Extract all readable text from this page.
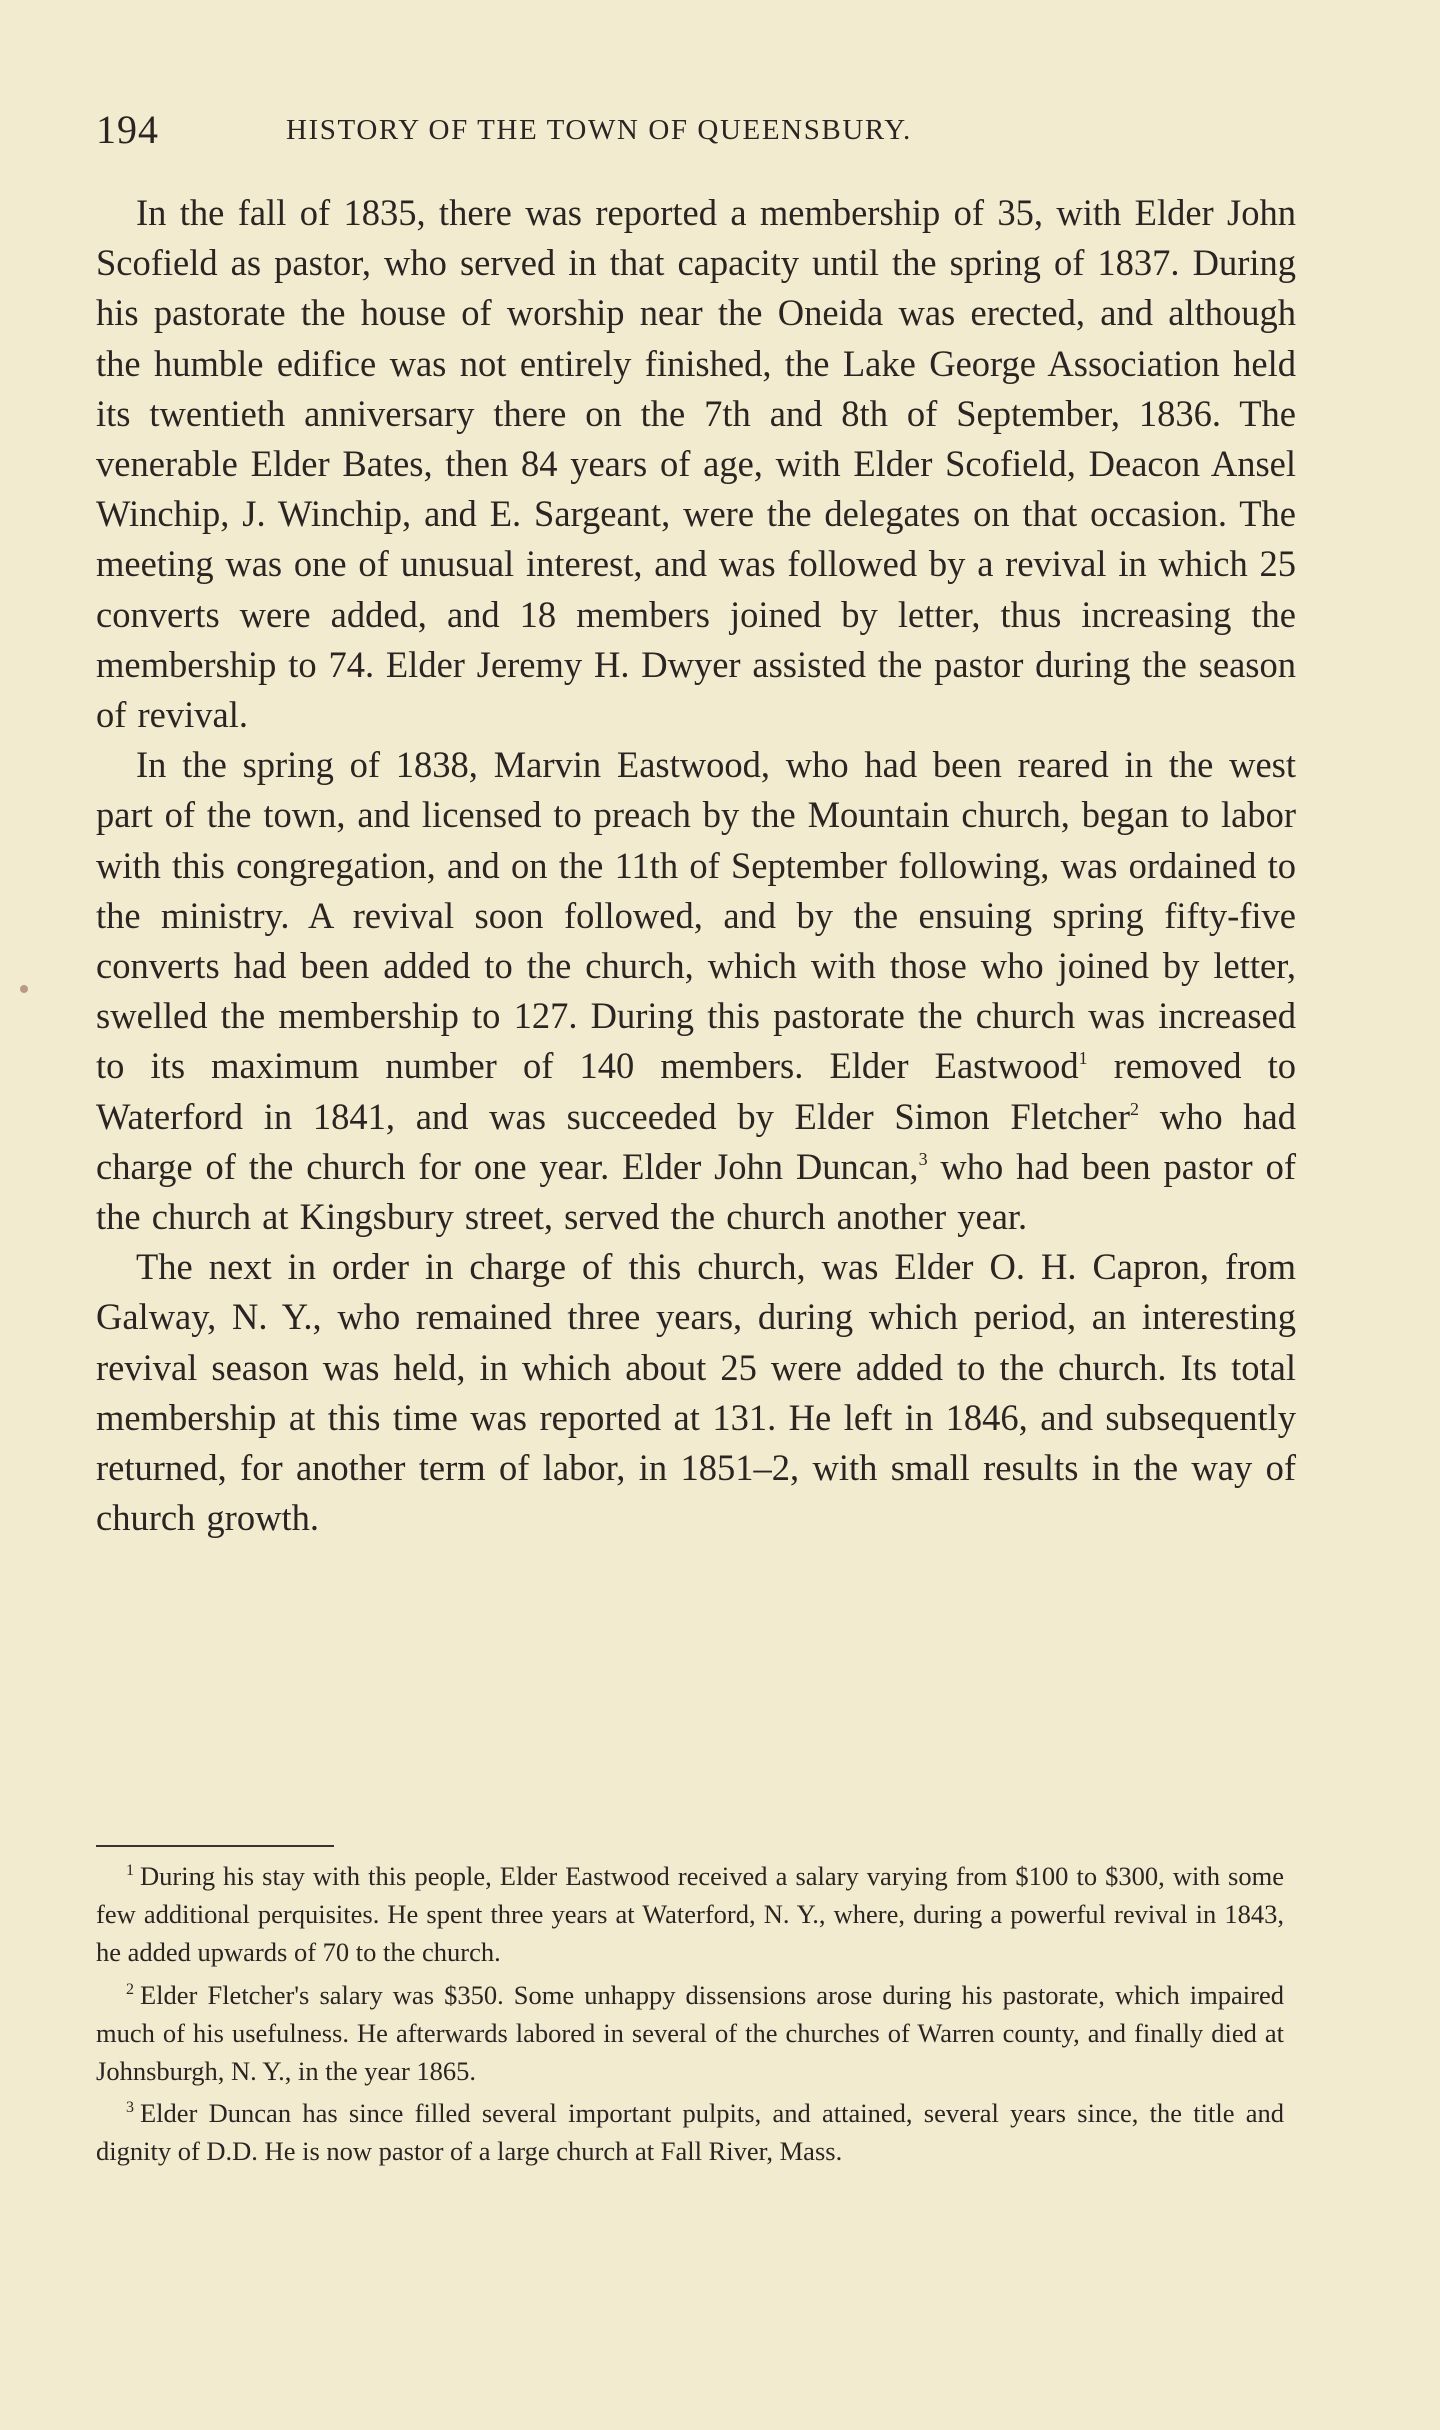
194	HISTORY OF THE TOWN OF QUEENSBURY.

In the fall of 1835, there was reported a membership of 35, with Elder John Scofield as pastor, who served in that capacity until the spring of 1837. During his pastorate the house of worship near the Oneida was erected, and although the humble edifice was not entirely finished, the Lake George Association held its twentieth anniversary there on the 7th and 8th of September, 1836. The venerable Elder Bates, then 84 years of age, with Elder Scofield, Deacon Ansel Winchip, J. Winchip, and E. Sargeant, were the delegates on that occasion. The meeting was one of unusual interest, and was followed by a revival in which 25 converts were added, and 18 members joined by letter, thus increasing the membership to 74. Elder Jeremy H. Dwyer assisted the pastor during the season of revival.

In the spring of 1838, Marvin Eastwood, who had been reared in the west part of the town, and licensed to preach by the Mountain church, began to labor with this congregation, and on the 11th of September following, was ordained to the ministry. A revival soon followed, and by the ensuing spring fifty-five converts had been added to the church, which with those who joined by letter, swelled the membership to 127. During this pastorate the church was increased to its maximum number of 140 members. Elder Eastwood$^1$ removed to Waterford in 1841, and was succeeded by Elder Simon Fletcher$^2$ who had charge of the church for one year. Elder John Duncan,$^3$ who had been pastor of the church at Kingsbury street, served the church another year.

The next in order in charge of this church, was Elder O. H. Capron, from Galway, N. Y., who remained three years, during which period, an interesting revival season was held, in which about 25 were added to the church. Its total membership at this time was reported at 131. He left in 1846, and subsequently returned, for another term of labor, in 1851–2, with small results in the way of church growth.

$^1$ During his stay with this people, Elder Eastwood received a salary varying from $100 to $300, with some few additional perquisites. He spent three years at Waterford, N. Y., where, during a powerful revival in 1843, he added upwards of 70 to the church.

$^2$ Elder Fletcher's salary was $350. Some unhappy dissensions arose during his pastorate, which impaired much of his usefulness. He afterwards labored in several of the churches of Warren county, and finally died at Johnsburgh, N. Y., in the year 1865.

$^3$ Elder Duncan has since filled several important pulpits, and attained, several years since, the title and dignity of D.D. He is now pastor of a large church at Fall River, Mass.
